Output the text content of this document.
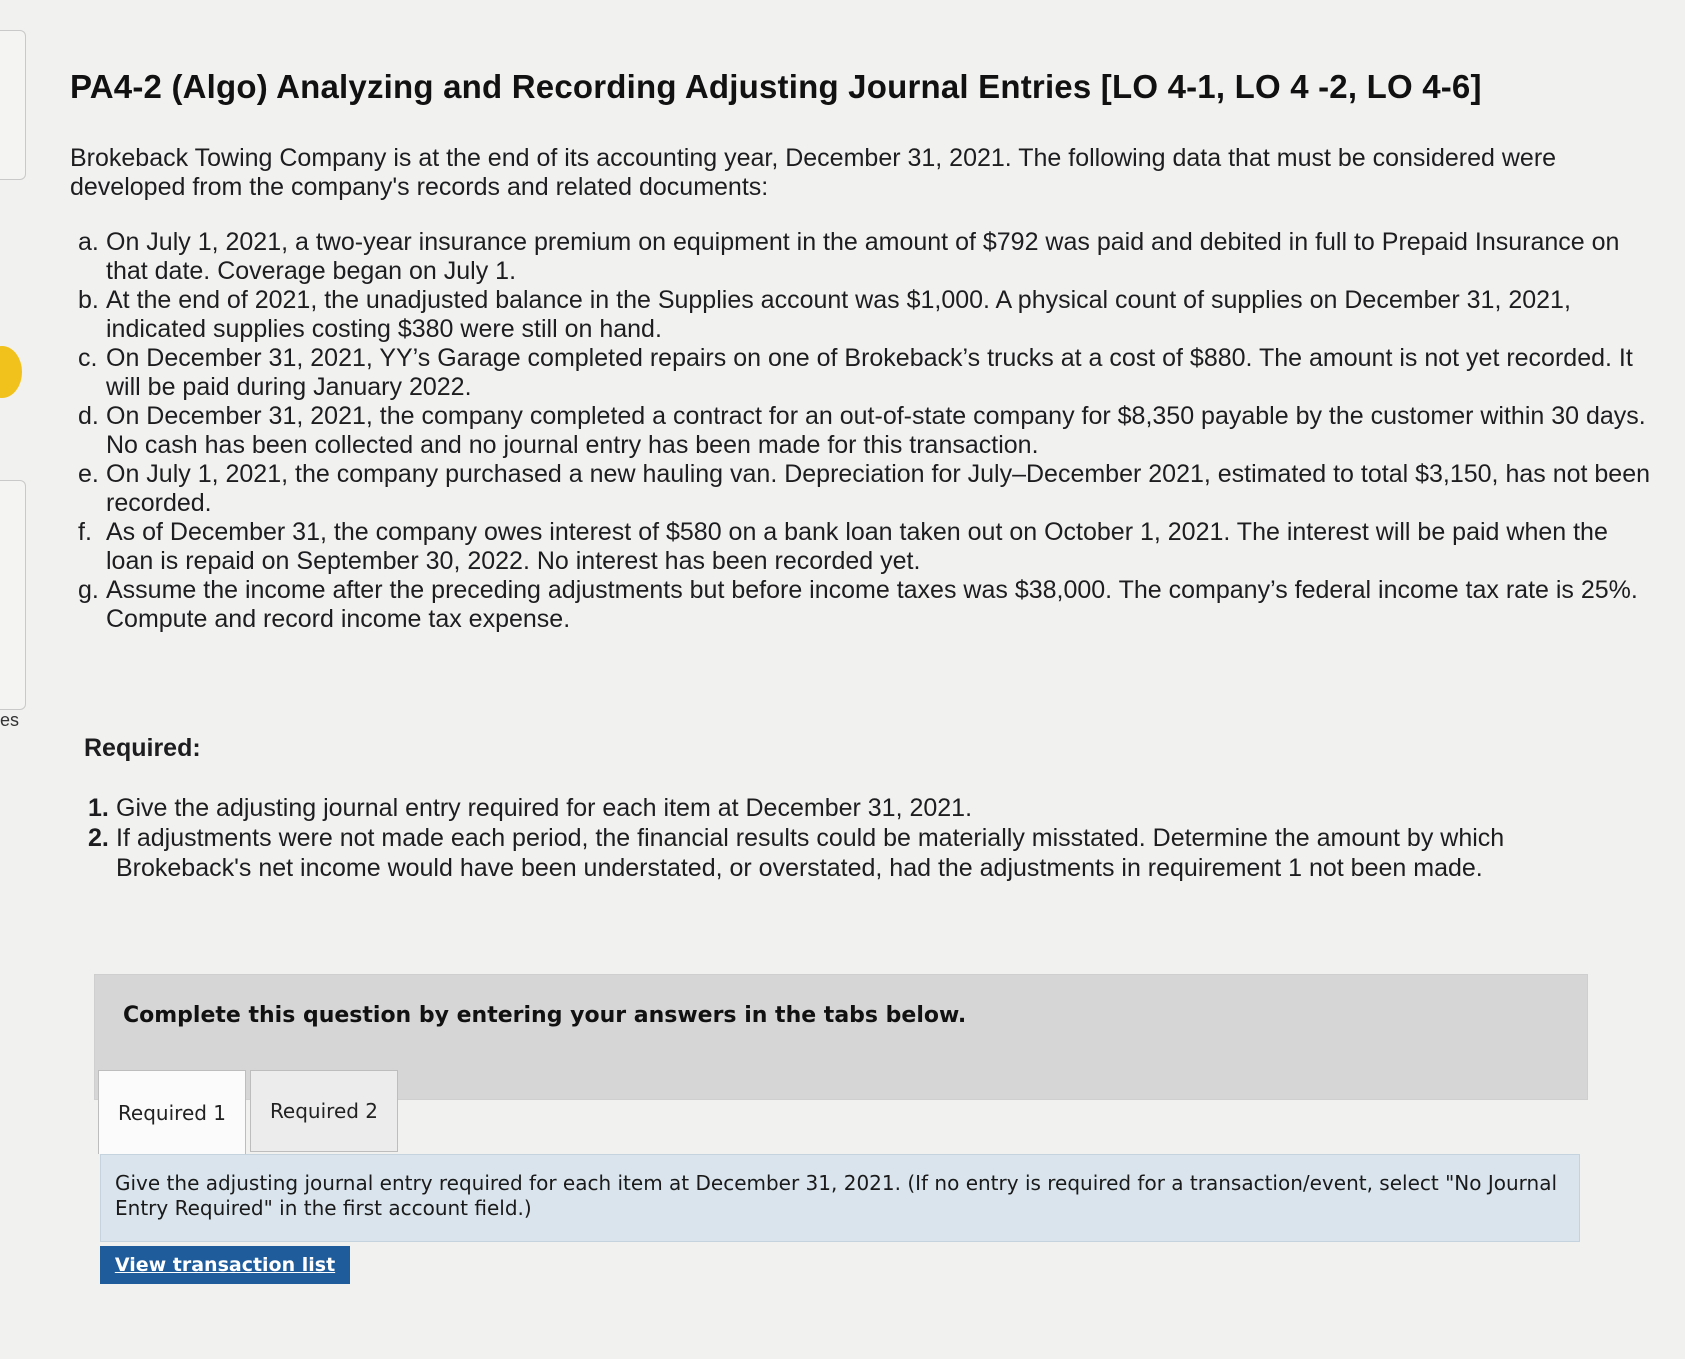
es
PA4-2 (Algo) Analyzing and Recording Adjusting Journal Entries [LO 4-1, LO 4 -2, LO 4-6]

Brokeback Towing Company is at the end of its accounting year, December 31, 2021. The following data that must be considered were developed from the company's records and related documents:

a. On July 1, 2021, a two-year insurance premium on equipment in the amount of $792 was paid and debited in full to Prepaid Insurance on that date. Coverage began on July 1.
b. At the end of 2021, the unadjusted balance in the Supplies account was $1,000. A physical count of supplies on December 31, 2021, indicated supplies costing $380 were still on hand.
c. On December 31, 2021, YY’s Garage completed repairs on one of Brokeback’s trucks at a cost of $880. The amount is not yet recorded. It will be paid during January 2022.
d. On December 31, 2021, the company completed a contract for an out-of-state company for $8,350 payable by the customer within 30 days. No cash has been collected and no journal entry has been made for this transaction.
e. On July 1, 2021, the company purchased a new hauling van. Depreciation for July–December 2021, estimated to total $3,150, has not been recorded.
f. As of December 31, the company owes interest of $580 on a bank loan taken out on October 1, 2021. The interest will be paid when the loan is repaid on September 30, 2022. No interest has been recorded yet.
g. Assume the income after the preceding adjustments but before income taxes was $38,000. The company’s federal income tax rate is 25%. Compute and record income tax expense.
Required:
1. Give the adjusting journal entry required for each item at December 31, 2021.
2. If adjustments were not made each period, the financial results could be materially misstated. Determine the amount by which Brokeback's net income would have been understated, or overstated, had the adjustments in requirement 1 not been made.
Complete this question by entering your answers in the tabs below.
Required 1	Required 2
Give the adjusting journal entry required for each item at December 31, 2021. (If no entry is required for a transaction/event, select "No Journal Entry Required" in the first account field.)
View transaction list
